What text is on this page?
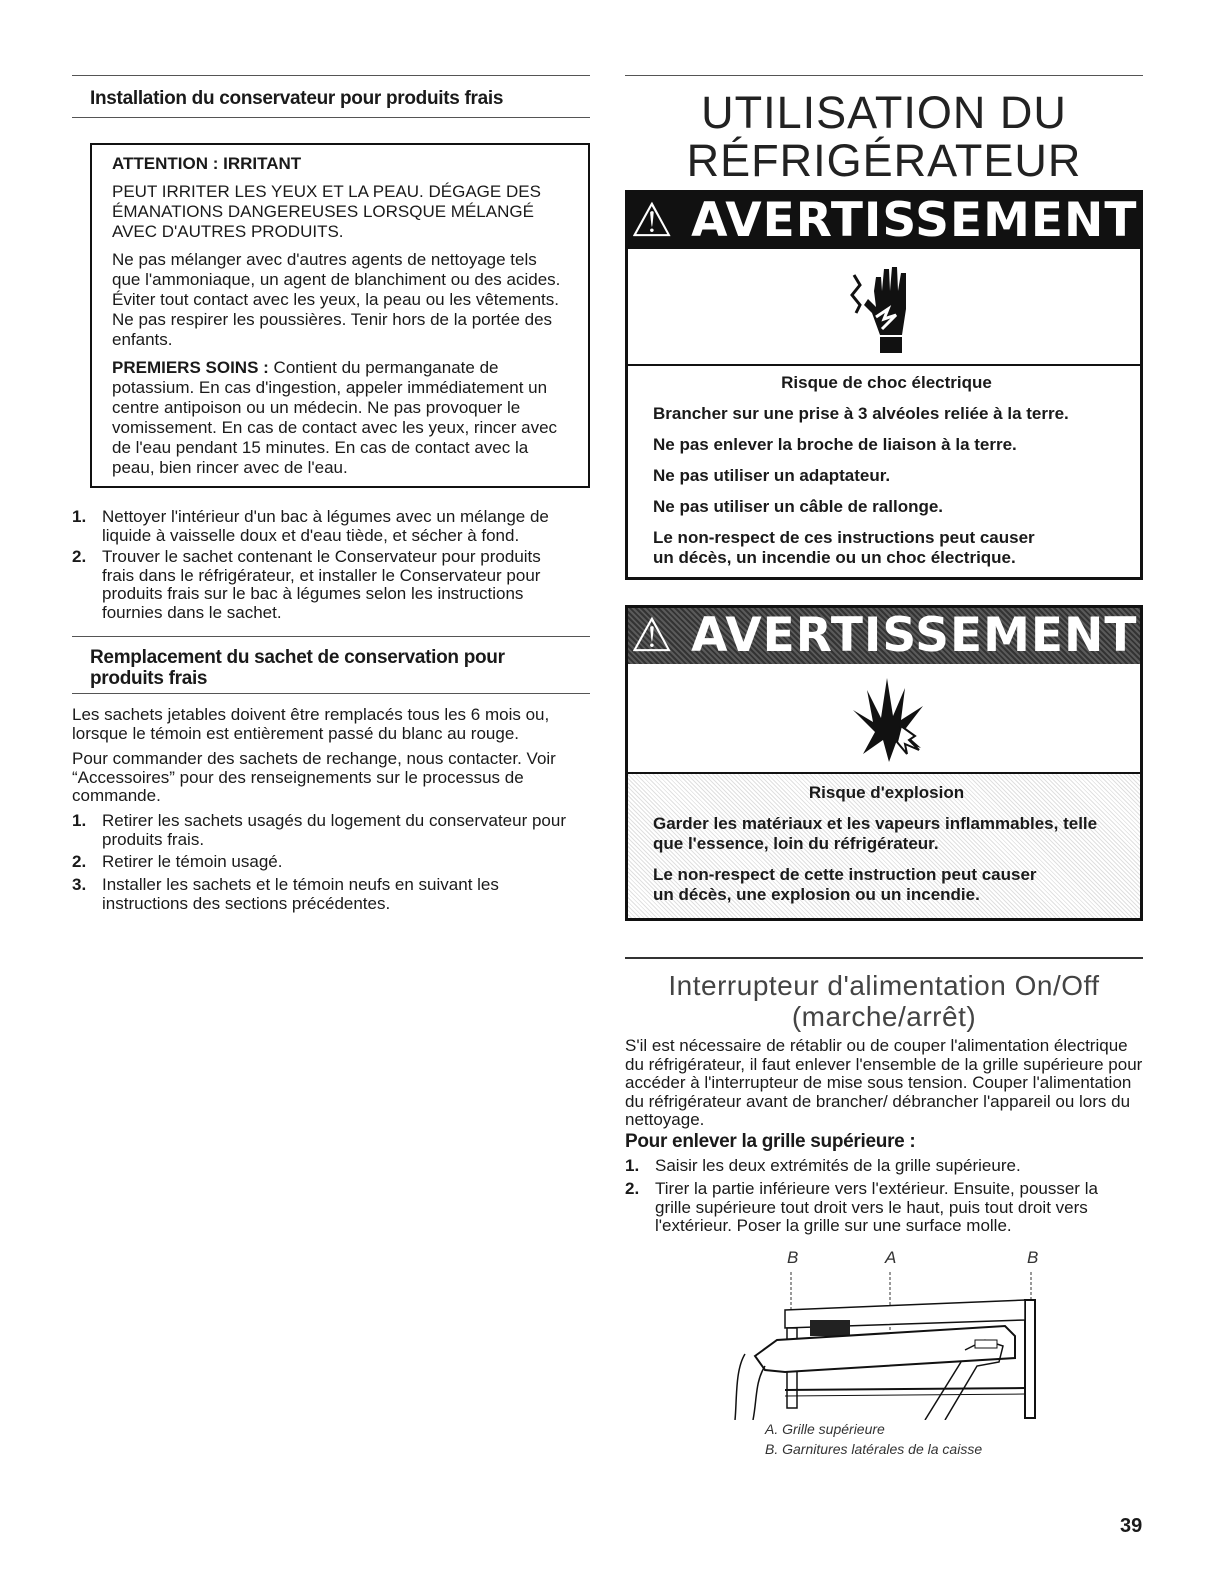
Installation du conservateur pour produits frais

ATTENTION : IRRITANT

PEUT IRRITER LES YEUX ET LA PEAU. DÉGAGE DES ÉMANATIONS DANGEREUSES LORSQUE MÉLANGÉ AVEC D'AUTRES PRODUITS.

Ne pas mélanger avec d'autres agents de nettoyage tels que l'ammoniaque, un agent de blanchiment ou des acides. Éviter tout contact avec les yeux, la peau ou les vêtements. Ne pas respirer les poussières. Tenir hors de la portée des enfants.

PREMIERS SOINS : Contient du permanganate de potassium. En cas d'ingestion, appeler immédiatement un centre antipoison ou un médecin. Ne pas provoquer le vomissement. En cas de contact avec les yeux, rincer avec de l'eau pendant 15 minutes. En cas de contact avec la peau, bien rincer avec de l'eau.

1. Nettoyer l'intérieur d'un bac à légumes avec un mélange de liquide à vaisselle doux et d'eau tiède, et sécher à fond.
2. Trouver le sachet contenant le Conservateur pour produits frais dans le réfrigérateur, et installer le Conservateur pour produits frais sur le bac à légumes selon les instructions fournies dans le sachet.
Remplacement du sachet de conservation pour produits frais

Les sachets jetables doivent être remplacés tous les 6 mois ou, lorsque le témoin est entièrement passé du blanc au rouge.

Pour commander des sachets de rechange, nous contacter. Voir “Accessoires” pour des renseignements sur le processus de commande.

1. Retirer les sachets usagés du logement du conservateur pour produits frais.
2. Retirer le témoin usagé.
3. Installer les sachets et le témoin neufs en suivant les instructions des sections précédentes.
UTILISATION DU
RÉFRIGÉRATEUR
⚠ AVERTISSEMENT
Risque de choc électrique
Brancher sur une prise à 3 alvéoles reliée à la terre.
Ne pas enlever la broche de liaison à la terre.
Ne pas utiliser un adaptateur.
Ne pas utiliser un câble de rallonge.
Le non-respect de ces instructions peut causer
un décès, un incendie ou un choc électrique.
⚠ AVERTISSEMENT
Risque d'explosion
Garder les matériaux et les vapeurs inflammables, telle
que l'essence, loin du réfrigérateur.
Le non-respect de cette instruction peut causer
un décès, une explosion ou un incendie.
Interrupteur d'alimentation On/Off
(marche/arrêt)

S'il est nécessaire de rétablir ou de couper l'alimentation électrique du réfrigérateur, il faut enlever l'ensemble de la grille supérieure pour accéder à l'interrupteur de mise sous tension. Couper l'alimentation du réfrigérateur avant de brancher/ débrancher l'appareil ou lors du nettoyage.

Pour enlever la grille supérieure :
1. Saisir les deux extrémités de la grille supérieure.
2. Tirer la partie inférieure vers l'extérieur. Ensuite, pousser la grille supérieure tout droit vers le haut, puis tout droit vers l'extérieur. Poser la grille sur une surface molle.
B	A	B
A. Grille supérieure
B. Garnitures latérales de la caisse
39
